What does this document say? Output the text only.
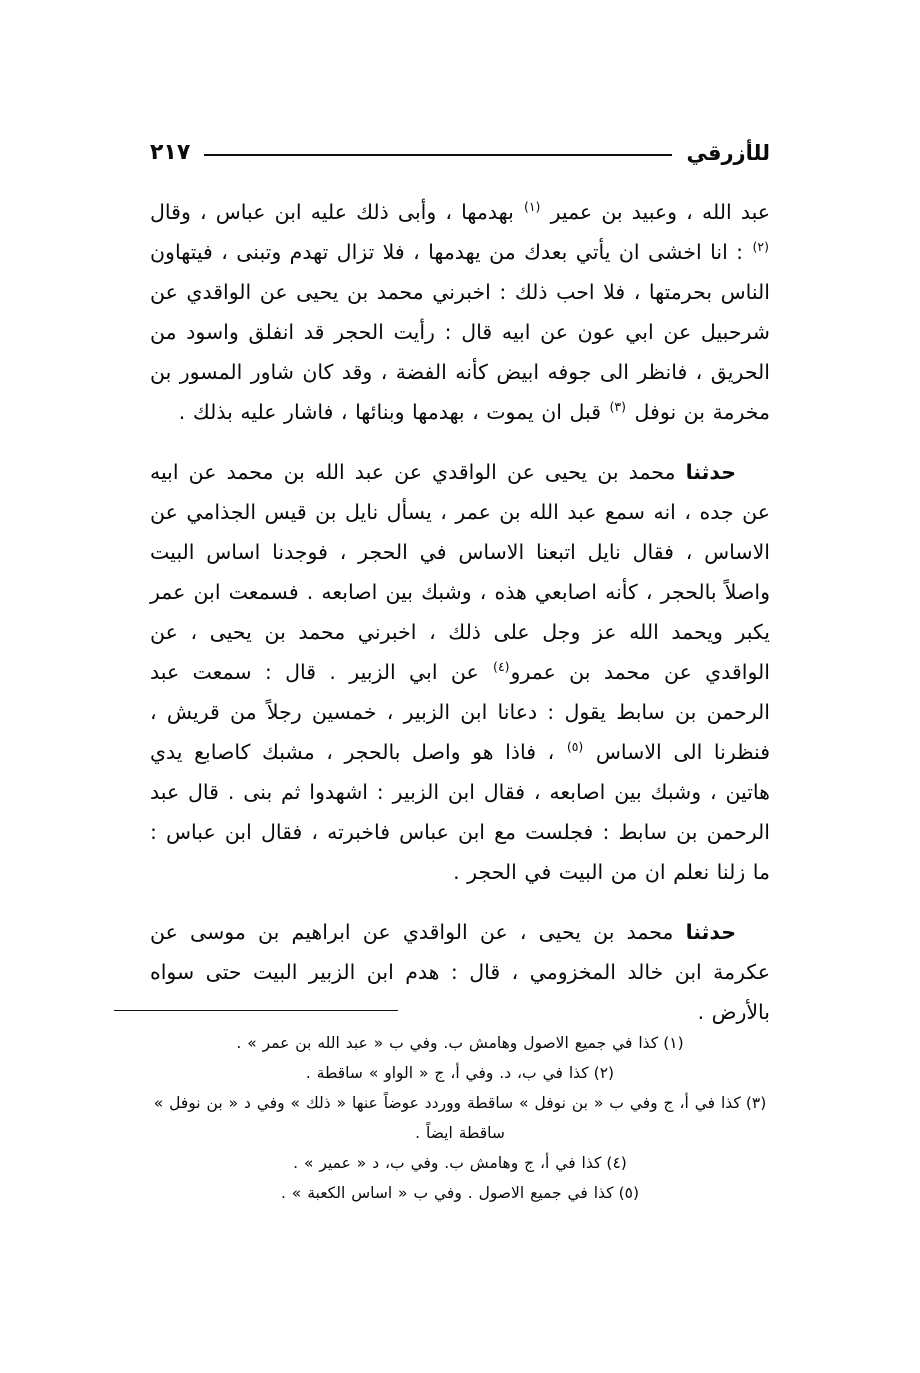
للأزرقي
٢١٧

عبد الله ، وعبيد بن عمير $^{(١)}$ بهدمها ، وأبى ذلك عليه ابن عباس ، وقال $^{(٢)}$ : انا اخشى ان يأتي بعدك من يهدمها ، فلا تزال تهدم وتبنى ، فيتهاون الناس بحرمتها ، فلا احب ذلك : اخبرني محمد بن يحيى عن الواقدي عن شرحبيل عن ابي عون عن ابيه قال : رأيت الحجر قد انفلق واسود من الحريق ، فانظر الى جوفه ابيض كأنه الفضة ، وقد كان شاور المسور بن مخرمة بن نوفل $^{(٣)}$ قبل ان يموت ، بهدمها وبنائها ، فاشار عليه بذلك .

حدثنا محمد بن يحيى عن الواقدي عن عبد الله بن محمد عن ابيه عن جده ، انه سمع عبد الله بن عمر ، يسأل نايل بن قيس الجذامي عن الاساس ، فقال نايل اتبعنا الاساس في الحجر ، فوجدنا اساس البيت واصلاً بالحجر ، كأنه اصابعي هذه ، وشبك بين اصابعه . فسمعت ابن عمر يكبر ويحمد الله عز وجل على ذلك ، اخبرني محمد بن يحيى ، عن الواقدي عن محمد بن عمرو$^{(٤)}$ عن ابي الزبير . قال : سمعت عبد الرحمن بن سابط يقول : دعانا ابن الزبير ، خمسين رجلاً من قريش ، فنظرنا الى الاساس $^{(٥)}$ ، فاذا هو واصل بالحجر ، مشبك كاصابع يدي هاتين ، وشبك بين اصابعه ، فقال ابن الزبير : اشهدوا ثم بنى . قال عبد الرحمن بن سابط : فجلست مع ابن عباس فاخبرته ، فقال ابن عباس : ما زلنا نعلم ان من البيت في الحجر .

حدثنا محمد بن يحيى ، عن الواقدي عن ابراهيم بن موسى عن عكرمة ابن خالد المخزومي ، قال : هدم ابن الزبير البيت حتى سواه بالأرض .

(١)كذا في جميع الاصول وهامش ب. وفي ب « عبد الله بن عمر » .

(٢)كذا في ب، د. وفي أ، ج « الواو » ساقطة .

(٣)كذا في أ، ج وفي ب « بن نوفل » ساقطة ووردد عوضاً عنها « ذلك » وفي د « بن نوفل »
ساقطة ايضاً .

(٤)كذا في أ، ج وهامش ب. وفي ب، د « عمير » .

(٥)كذا في جميع الاصول . وفي ب « اساس الكعبة » .
